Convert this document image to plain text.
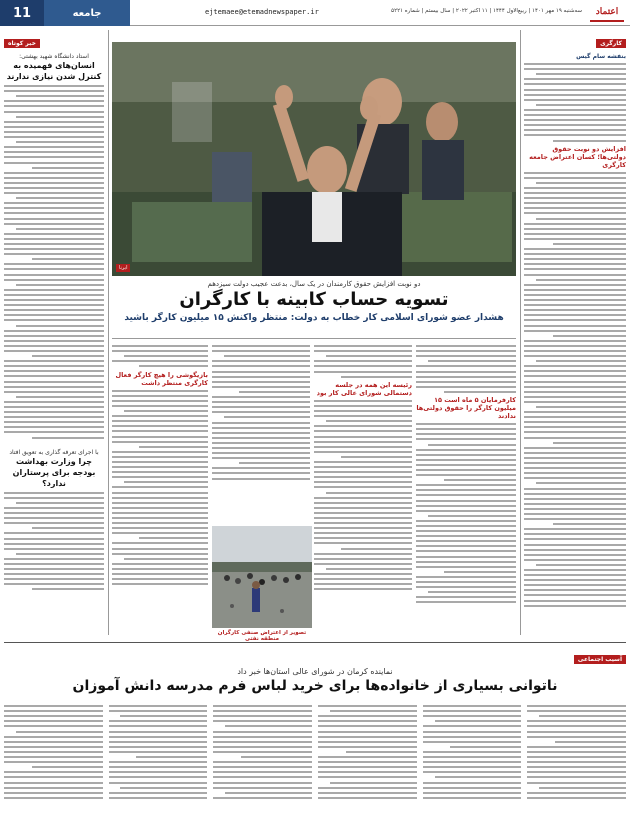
11	جامعه	ejtemaee@etemadnewspaper.ir	سه‌شنبه ۱۹ مهر ۱۴۰۱ | ربیع‌الاول ۱۴۴۴ | ۱۱ اکتبر ۲۰۲۲ | سال بیستم | شماره ۵۲۲۱	اعتماد
خبر کوتاه
استاد دانشگاه شهید بهشتی:
انسان‌های فهمیده به کنترل شدن نیازی ندارند
با اجرای تعرفه گذاری به تعویق افتاد
چرا وزارت بهداشت بودجه برای پرستاران ندارد؟
کارگری
بنفشه سام گیس
افزایش دو نوبت حقوق دولتی‌ها؛ کسان اعتراض جامعه کارگری
ایرنا
دو نوبت افزایش حقوق کارمندان در یک سال، بدعت عجیب دولت سیزدهم
تسویه حساب کابینه با کارگران
هشدار عضو شورای اسلامی کار خطاب به دولت: منتظر واکنش ۱۵ میلیون کارگر باشید
کارفرمایان ۵ ماه است ۱۵ میلیون کارگر را حقوق دولتی‌ها ندادند
رئیسه این همه در جلسه دستمالی شورای عالی کار بود
بازیگوشی را هیچ کارگر فعال کارگری منتظر داشت
تصویر از اعتراض صنفی کارگران منطقه نفتی
آسیب اجتماعی
نماینده کرمان در شورای عالی استان‌ها خبر داد
ناتوانی بسیاری از خانواده‌ها برای خرید لباس فرم مدرسه دانش آموزان
